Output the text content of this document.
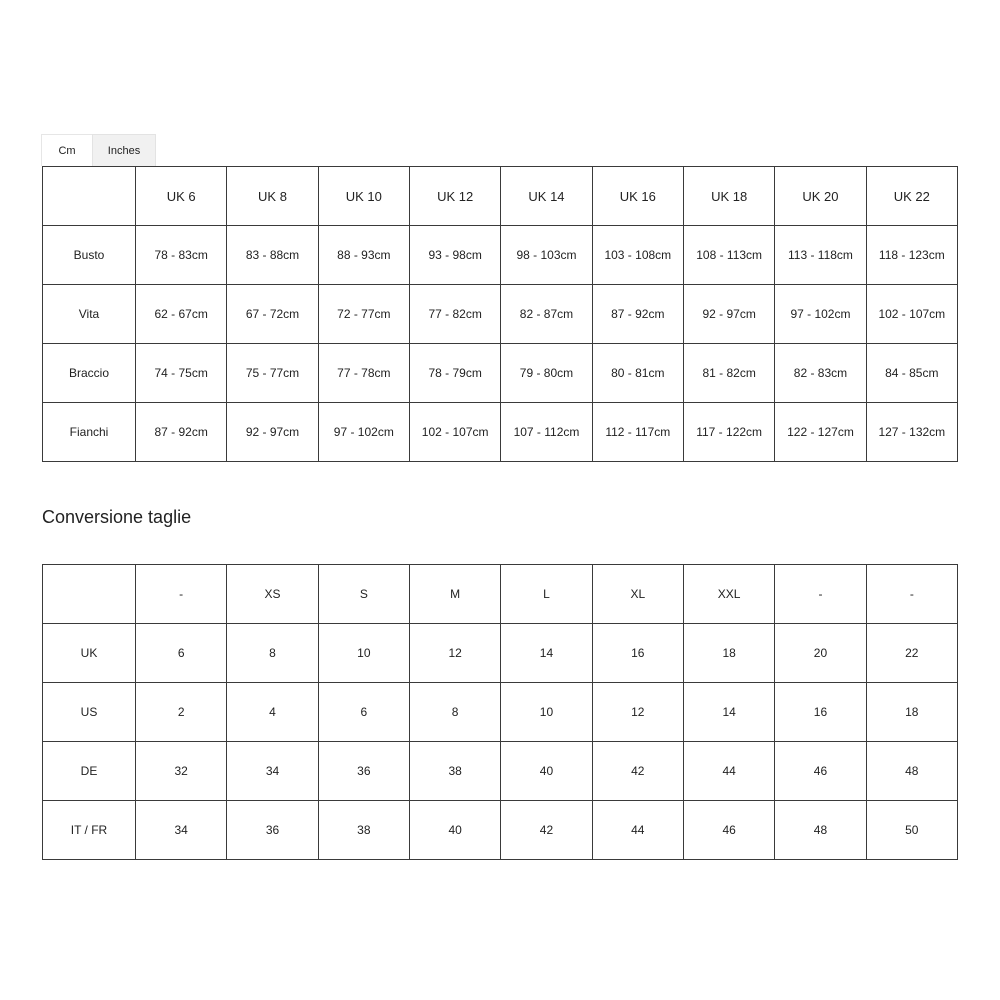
Cm	Inches
	UK 6	UK 8	UK 10	UK 12	UK 14	UK 16	UK 18	UK 20	UK 22
Busto	78 - 83cm	83 - 88cm	88 - 93cm	93 - 98cm	98 - 103cm	103 - 108cm	108 - 113cm	113 - 118cm	118 - 123cm
Vita	62 - 67cm	67 - 72cm	72 - 77cm	77 - 82cm	82 - 87cm	87 - 92cm	92 - 97cm	97 - 102cm	102 - 107cm
Braccio	74 - 75cm	75 - 77cm	77 - 78cm	78 - 79cm	79 - 80cm	80 - 81cm	81 - 82cm	82 - 83cm	84 - 85cm
Fianchi	87 - 92cm	92 - 97cm	97 - 102cm	102 - 107cm	107 - 112cm	112 - 117cm	117 - 122cm	122 - 127cm	127 - 132cm
Conversione taglie
	-	XS	S	M	L	XL	XXL	-	-
UK	6	8	10	12	14	16	18	20	22
US	2	4	6	8	10	12	14	16	18
DE	32	34	36	38	40	42	44	46	48
IT / FR	34	36	38	40	42	44	46	48	50
